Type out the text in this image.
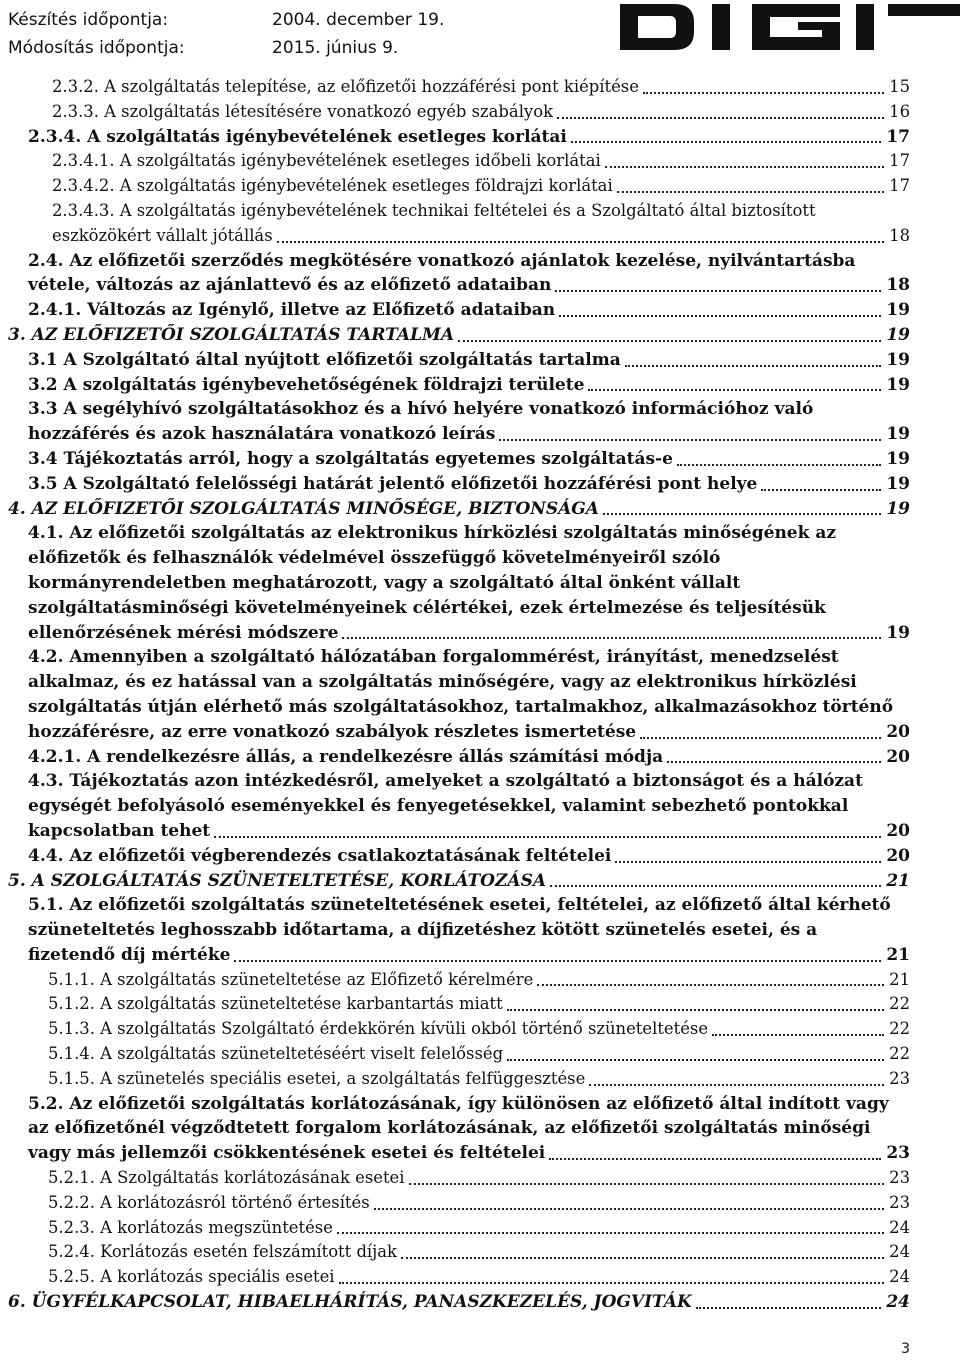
Készítés időpontja:	2004. december 19.
Módosítás időpontja:	2015. június 9.
2.3.2. A szolgáltatás telepítése, az előfizetői hozzáférési pont kiépítése	15
2.3.3. A szolgáltatás létesítésére vonatkozó egyéb szabályok	16
2.3.4. A szolgáltatás igénybevételének esetleges korlátai	17
2.3.4.1. A szolgáltatás igénybevételének esetleges időbeli korlátai	17
2.3.4.2. A szolgáltatás igénybevételének esetleges földrajzi korlátai	17
2.3.4.3. A szolgáltatás igénybevételének technikai feltételei és a Szolgáltató által biztosított
eszközökért vállalt jótállás	18
2.4. Az előfizetői szerződés megkötésére vonatkozó ajánlatok kezelése, nyilvántartásba
vétele, változás az ajánlattevő és az előfizető adataiban	18
2.4.1. Változás az Igénylő, illetve az Előfizető adataiban	19
3. AZ ELŐFIZETŐI SZOLGÁLTATÁS TARTALMA	19
3.1 A Szolgáltató által nyújtott előfizetői szolgáltatás tartalma	19
3.2 A szolgáltatás igénybevehetőségének földrajzi területe	19
3.3 A segélyhívó szolgáltatásokhoz és a hívó helyére vonatkozó információhoz való
hozzáférés és azok használatára vonatkozó leírás	19
3.4 Tájékoztatás arról, hogy a szolgáltatás egyetemes szolgáltatás-e	19
3.5 A Szolgáltató felelősségi határát jelentő előfizetői hozzáférési pont helye	19
4. AZ ELŐFIZETŐI SZOLGÁLTATÁS MINŐSÉGE, BIZTONSÁGA	19
4.1. Az előfizetői szolgáltatás az elektronikus hírközlési szolgáltatás minőségének az
előfizetők és felhasználók védelmével összefüggő követelményeiről szóló
kormányrendeletben meghatározott, vagy a szolgáltató által önként vállalt
szolgáltatásminőségi követelményeinek célértékei, ezek értelmezése és teljesítésük
ellenőrzésének mérési módszere	19
4.2. Amennyiben a szolgáltató hálózatában forgalommérést, irányítást, menedzselést
alkalmaz, és ez hatással van a szolgáltatás minőségére, vagy az elektronikus hírközlési
szolgáltatás útján elérhető más szolgáltatásokhoz, tartalmakhoz, alkalmazásokhoz történő
hozzáférésre, az erre vonatkozó szabályok részletes ismertetése	20
4.2.1. A rendelkezésre állás, a rendelkezésre állás számítási módja	20
4.3. Tájékoztatás azon intézkedésről, amelyeket a szolgáltató a biztonságot és a hálózat
egységét befolyásoló eseményekkel és fenyegetésekkel, valamint sebezhető pontokkal
kapcsolatban tehet	20
4.4. Az előfizetői végberendezés csatlakoztatásának feltételei	20
5. A SZOLGÁLTATÁS SZÜNETELTETÉSE, KORLÁTOZÁSA	21
5.1. Az előfizetői szolgáltatás szüneteltetésének esetei, feltételei, az előfizető által kérhető
szüneteltetés leghosszabb időtartama, a díjfizetéshez kötött szünetelés esetei, és a
fizetendő díj mértéke	21
5.1.1. A szolgáltatás szüneteltetése az Előfizető kérelmére	21
5.1.2. A szolgáltatás szüneteltetése karbantartás miatt	22
5.1.3. A szolgáltatás Szolgáltató érdekkörén kívüli okból történő szüneteltetése	22
5.1.4. A szolgáltatás szüneteltetéséért viselt felelősség	22
5.1.5. A szünetelés speciális esetei, a szolgáltatás felfüggesztése	23
5.2. Az előfizetői szolgáltatás korlátozásának, így különösen az előfizető által indított vagy
az előfizetőnél végződtetett forgalom korlátozásának, az előfizetői szolgáltatás minőségi
vagy más jellemzői csökkentésének esetei és feltételei	23
5.2.1. A Szolgáltatás korlátozásának esetei	23
5.2.2. A korlátozásról történő értesítés	23
5.2.3. A korlátozás megszüntetése	24
5.2.4. Korlátozás esetén felszámított díjak	24
5.2.5. A korlátozás speciális esetei	24
6. ÜGYFÉLKAPCSOLAT, HIBAELHÁRÍTÁS, PANASZKEZELÉS, JOGVITÁK	24
3
